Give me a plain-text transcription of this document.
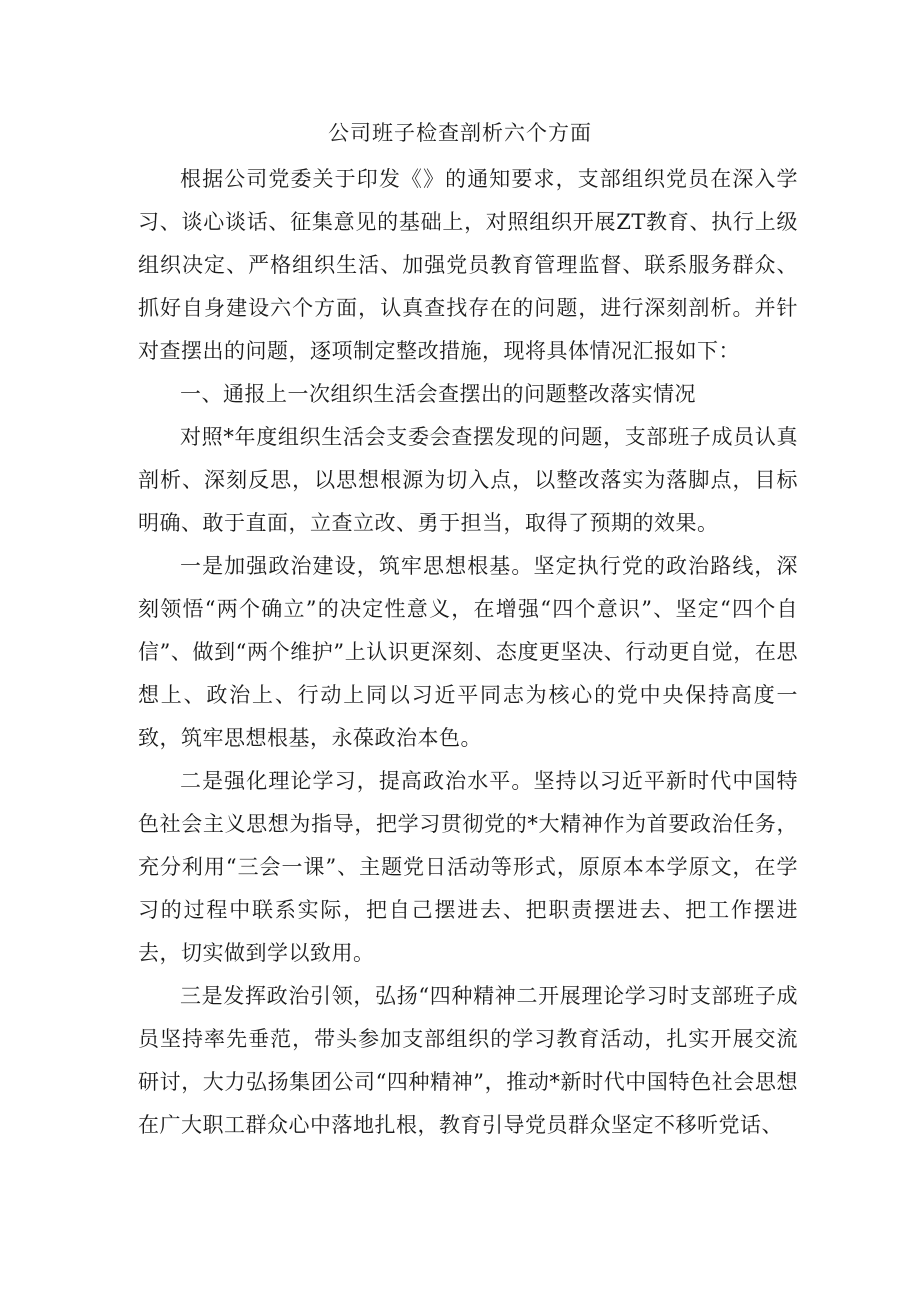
公司班子检查剖析六个方面

根据公司党委关于印发《》的通知要求，支部组织党员在深入学习、谈心谈话、征集意见的基础上，对照组织开展ZT教育、执行上级组织决定、严格组织生活、加强党员教育管理监督、联系服务群众、抓好自身建设六个方面，认真查找存在的问题，进行深刻剖析。并针对查摆出的问题，逐项制定整改措施，现将具体情况汇报如下：

一、通报上一次组织生活会查摆出的问题整改落实情况

对照*年度组织生活会支委会查摆发现的问题，支部班子成员认真剖析、深刻反思，以思想根源为切入点，以整改落实为落脚点，目标明确、敢于直面，立查立改、勇于担当，取得了预期的效果。

一是加强政治建设，筑牢思想根基。坚定执行党的政治路线，深刻领悟“两个确立”的决定性意义，在增强“四个意识”、坚定“四个自信”、做到“两个维护”上认识更深刻、态度更坚决、行动更自觉，在思想上、政治上、行动上同以习近平同志为核心的党中央保持高度一致，筑牢思想根基，永葆政治本色。

二是强化理论学习，提高政治水平。坚持以习近平新时代中国特色社会主义思想为指导，把学习贯彻党的*大精神作为首要政治任务，充分利用“三会一课”、主题党日活动等形式，原原本本学原文，在学习的过程中联系实际，把自己摆进去、把职责摆进去、把工作摆进去，切实做到学以致用。

三是发挥政治引领，弘扬“四种精神二开展理论学习时支部班子成员坚持率先垂范，带头参加支部组织的学习教育活动，扎实开展交流研讨，大力弘扬集团公司“四种精神”，推动*新时代中国特色社会思想在广大职工群众心中落地扎根，教育引导党员群众坚定不移听党话、
